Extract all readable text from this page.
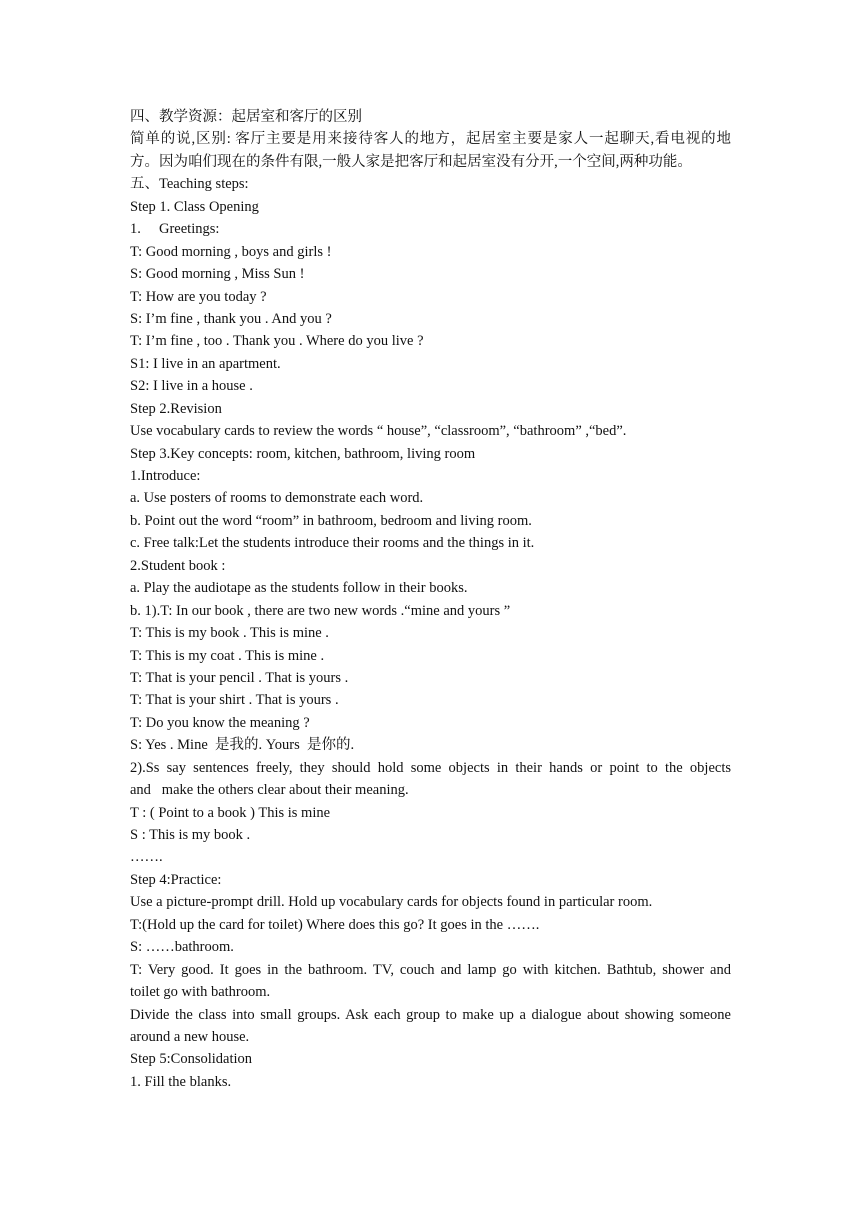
四、教学资源：起居室和客厅的区别
简单的说,区别: 客厅主要是用来接待客人的地方，起居室主要是家人一起聊天,看电视的地
方。因为咱们现在的条件有限,一般人家是把客厅和起居室没有分开,一个空间,两种功能。
五、Teaching steps:
Step 1. Class Opening
1.     Greetings:
T: Good morning , boys and girls !
S: Good morning , Miss Sun !
T: How are you today ?
S: I’m fine , thank you . And you ?
T: I’m fine , too . Thank you . Where do you live ?
S1: I live in an apartment.
S2: I live in a house .
Step 2.Revision
Use vocabulary cards to review the words “ house”, “classroom”, “bathroom” ,“bed”.
Step 3.Key concepts: room, kitchen, bathroom, living room
1.Introduce:
a. Use posters of rooms to demonstrate each word.
b. Point out the word “room” in bathroom, bedroom and living room.
c. Free talk:Let the students introduce their rooms and the things in it.
2.Student book :
a. Play the audiotape as the students follow in their books.
b. 1).T: In our book , there are two new words .“mine and yours ”
T: This is my book . This is mine .
T: This is my coat . This is mine .
T: That is your pencil . That is yours .
T: That is your shirt . That is yours .
T: Do you know the meaning ?
S: Yes . Mine  是我的. Yours  是你的.
2).Ss say sentences freely, they should hold some objects in their hands or point to the objects
and   make the others clear about their meaning.
T : ( Point to a book ) This is mine
S : This is my book .
…….
Step 4:Practice:
Use a picture-prompt drill. Hold up vocabulary cards for objects found in particular room.
T:(Hold up the card for toilet) Where does this go? It goes in the …….
S: ……bathroom.
T: Very good. It goes in the bathroom. TV, couch and lamp go with kitchen. Bathtub, shower and
toilet go with bathroom.
Divide the class into small groups. Ask each group to make up a dialogue about showing someone
around a new house.
Step 5:Consolidation
1. Fill the blanks.
